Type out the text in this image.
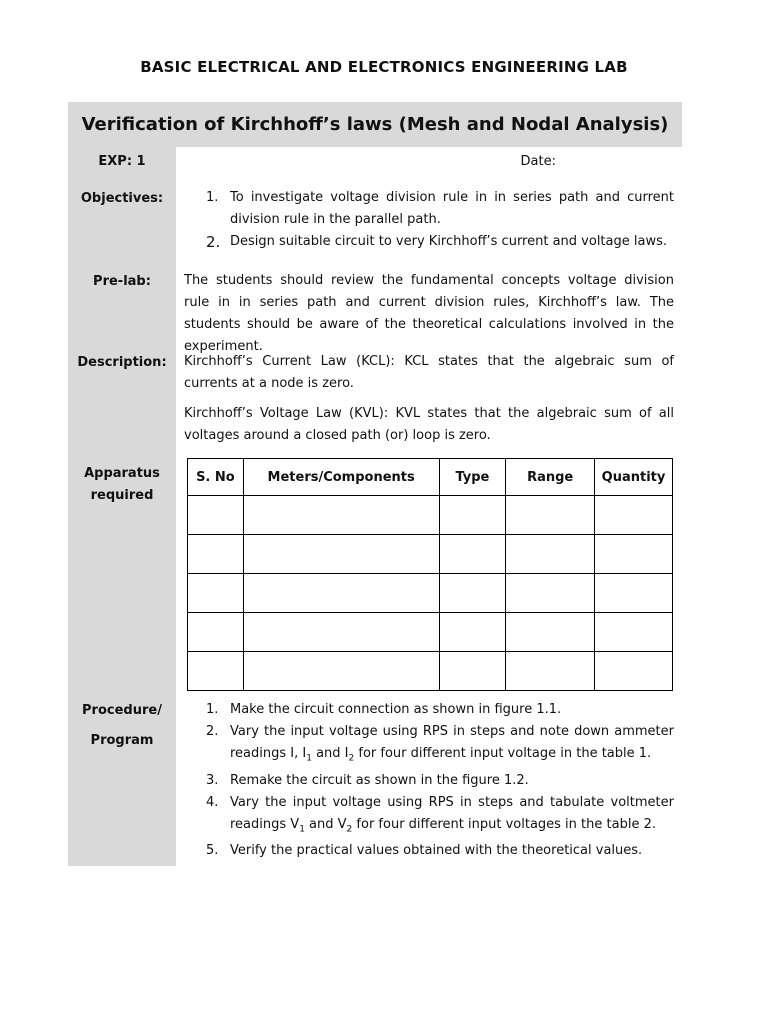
BASIC ELECTRICAL AND ELECTRONICS ENGINEERING LAB
Verification of Kirchhoff’s laws (Mesh and Nodal Analysis)
EXP: 1	Date:
Objectives:	1. To investigate voltage division rule in in series path and current division rule in the parallel path.
2. Design suitable circuit to very Kirchhoff’s current and voltage laws.
Pre-lab:	The students should review the fundamental concepts voltage division rule in in series path and current division rules, Kirchhoff’s law. The students should be aware of the theoretical calculations involved in the experiment.

Description:	Kirchhoff’s Current Law (KCL): KCL states that the algebraic sum of currents at a node is zero.

Kirchhoff’s Voltage Law (KVL): KVL states that the algebraic sum of all voltages around a closed path (or) loop is zero.

Apparatus
required
S. No	Meters/Components	Type	Range	Quantity

Procedure/
Program
1. Make the circuit connection as shown in figure 1.1.
2. Vary the input voltage using RPS in steps and note down ammeter readings I, $I_1$ and $I_2$ for four different input voltage in the table 1.
3. Remake the circuit as shown in the figure 1.2.
4. Vary the input voltage using RPS in steps and tabulate voltmeter readings $V_1$ and $V_2$ for four different input voltages in the table 2.
5. Verify the practical values obtained with the theoretical values.
